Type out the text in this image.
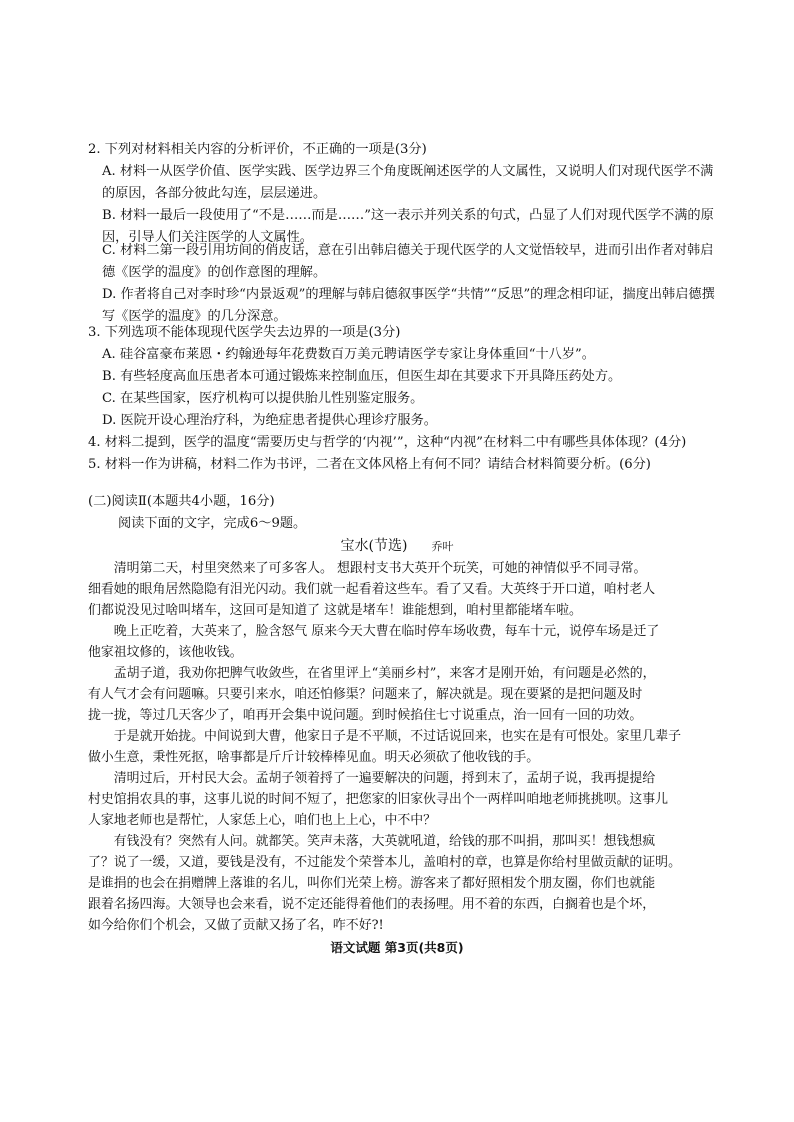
2. 下列对材料相关内容的分析评价，不正确的一项是(3分)

A. 材料一从医学价值、医学实践、医学边界三个角度既阐述医学的人文属性，又说明人们对现代医学不满的原因，各部分彼此勾连，层层递进。

B. 材料一最后一段使用了“不是……而是……”这一表示并列关系的句式，凸显了人们对现代医学不满的原因，引导人们关注医学的人文属性。

C. 材料二第一段引用坊间的俏皮话，意在引出韩启德关于现代医学的人文觉悟较早，进而引出作者对韩启德《医学的温度》的创作意图的理解。

D. 作者将自己对李时珍“内景返观”的理解与韩启德叙事医学“共情”“反思”的理念相印证，揣度出韩启德撰写《医学的温度》的几分深意。

3. 下列选项不能体现现代医学失去边界的一项是(3分)

A. 硅谷富豪布莱恩・约翰逊每年花费数百万美元聘请医学专家让身体重回“十八岁”。

B. 有些轻度高血压患者本可通过锻炼来控制血压，但医生却在其要求下开具降压药处方。

C. 在某些国家，医疗机构可以提供胎儿性别鉴定服务。

D. 医院开设心理治疗科，为绝症患者提供心理诊疗服务。

4. 材料二提到，医学的温度“需要历史与哲学的‘内视’”，这种“内视”在材料二中有哪些具体体现？(4分)

5. 材料一作为讲稿，材料二作为书评，二者在文体风格上有何不同？请结合材料简要分析。(6分)

(二)阅读Ⅱ(本题共4小题，16分)
阅读下面的文字，完成6～9题。
宝水(节选) 乔叶
清明第二天，村里突然来了可多客人。 想跟村支书大英开个玩笑，可她的神情似乎不同寻常。
细看她的眼角居然隐隐有泪光闪动。我们就一起看着这些车。看了又看。大英终于开口道，咱村老人
们都说没见过啥叫堵车，这回可是知道了 这就是堵车！谁能想到，咱村里都能堵车啦。
晚上正吃着，大英来了，脸含怒气 原来今天大曹在临时停车场收费，每车十元，说停车场是迁了
他家祖坟修的，该他收钱。
孟胡子道，我劝你把脾气收敛些，在省里评上“美丽乡村”，来客才是刚开始，有问题是必然的，
有人气才会有问题嘛。只要引来水，咱还怕修渠？问题来了，解决就是。现在要紧的是把问题及时
拢一拢，等过几天客少了，咱再开会集中说问题。到时候掐住七寸说重点，治一回有一回的功效。
于是就开始拢。中间说到大曹，他家日子是不平顺，不过话说回来，也实在是有可恨处。家里几辈子
做小生意，秉性死抠，啥事都是斤斤计较棒棒见血。明天必须砍了他收钱的手。
清明过后，开村民大会。孟胡子领着捋了一遍要解决的问题，捋到末了，孟胡子说，我再提提给
村史馆捐农具的事，这事儿说的时间不短了，把您家的旧家伙寻出个一两样叫咱地老师挑挑呗。这事儿
人家地老师也是帮忙，人家恁上心，咱们也上上心，中不中？
有钱没有？突然有人问。就都笑。笑声未落，大英就吼道，给钱的那不叫捐，那叫买！想钱想疯
了？说了一缓，又道，要钱是没有，不过能发个荣誉本儿，盖咱村的章，也算是你给村里做贡献的证明。
是谁捐的也会在捐赠牌上落谁的名儿，叫你们光荣上榜。游客来了都好照相发个朋友圈，你们也就能
跟着名扬四海。大领导也会来看，说不定还能得着他们的表扬哩。用不着的东西，白搁着也是个坏，
如今给你们个机会，又做了贡献又扬了名，咋不好?!
语文试题 第3页(共8页)
